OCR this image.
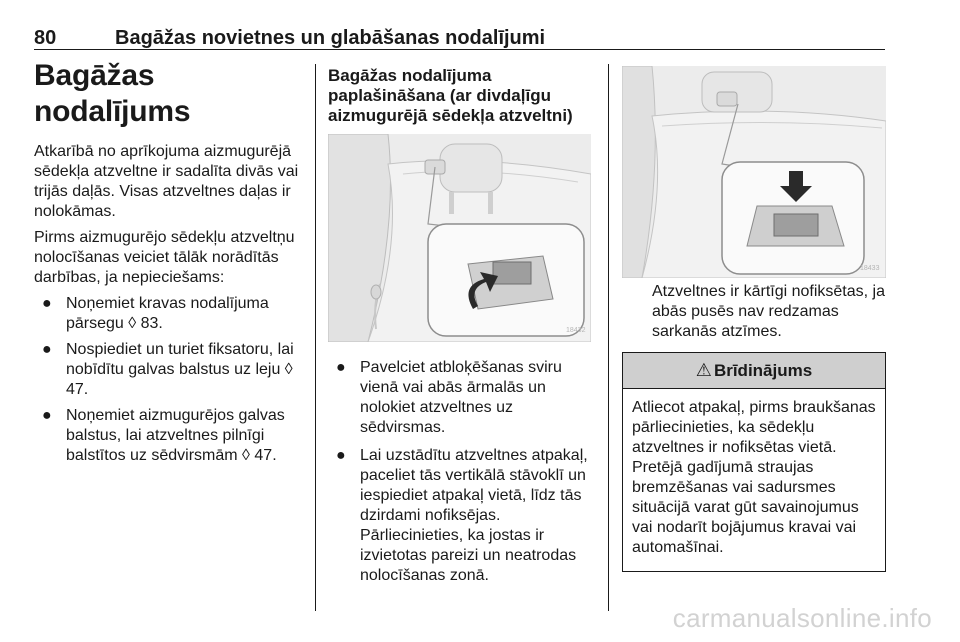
80	Bagāžas novietnes un glabāšanas nodalījumi
Bagāžas nodalījums

Atkarībā no aprīkojuma aizmugurējā sēdekļa atzveltne ir sadalīta divās vai trijās daļās. Visas atzveltnes daļas ir nolokāmas.

Pirms aizmugurējo sēdekļu atzveltņu nolocīšanas veiciet tālāk norādītās darbības, ja nepieciešams:

● Noņemiet kravas nodalījuma pārsegu ◊ 83.
● Nospiediet un turiet fiksatoru, lai nobīdītu galvas balstus uz leju ◊ 47.
● Noņemiet aizmugurējos galvas balstus, lai atzveltnes pilnīgi balstītos uz sēdvirsmām ◊ 47.
Bagāžas nodalījuma paplašināšana (ar divdaļīgu aizmugurējā sēdekļa atzveltni)
18432
● Pavelciet atbloķēšanas sviru vienā vai abās ārmalās un nolokiet atzveltnes uz sēdvirsmas.
● Lai uzstādītu atzveltnes atpakaļ, paceliet tās vertikālā stāvoklī un iespiediet atpakaļ vietā, līdz tās dzirdami nofiksējas.
Pārliecinieties, ka jostas ir izvietotas pareizi un neatrodas nolocīšanas zonā.
18433

Atzveltnes ir kārtīgi nofiksētas, ja abās pusēs nav redzamas sarkanās atzīmes.

⚠ Brīdinājums
Atliecot atpakaļ, pirms braukšanas pārliecinieties, ka sēdekļu atzveltnes ir nofiksētas vietā. Pretējā gadījumā straujas bremzēšanas vai sadursmes situācijā varat gūt savainojumus vai nodarīt bojājumus kravai vai automašīnai.
carmanualsonline.info
